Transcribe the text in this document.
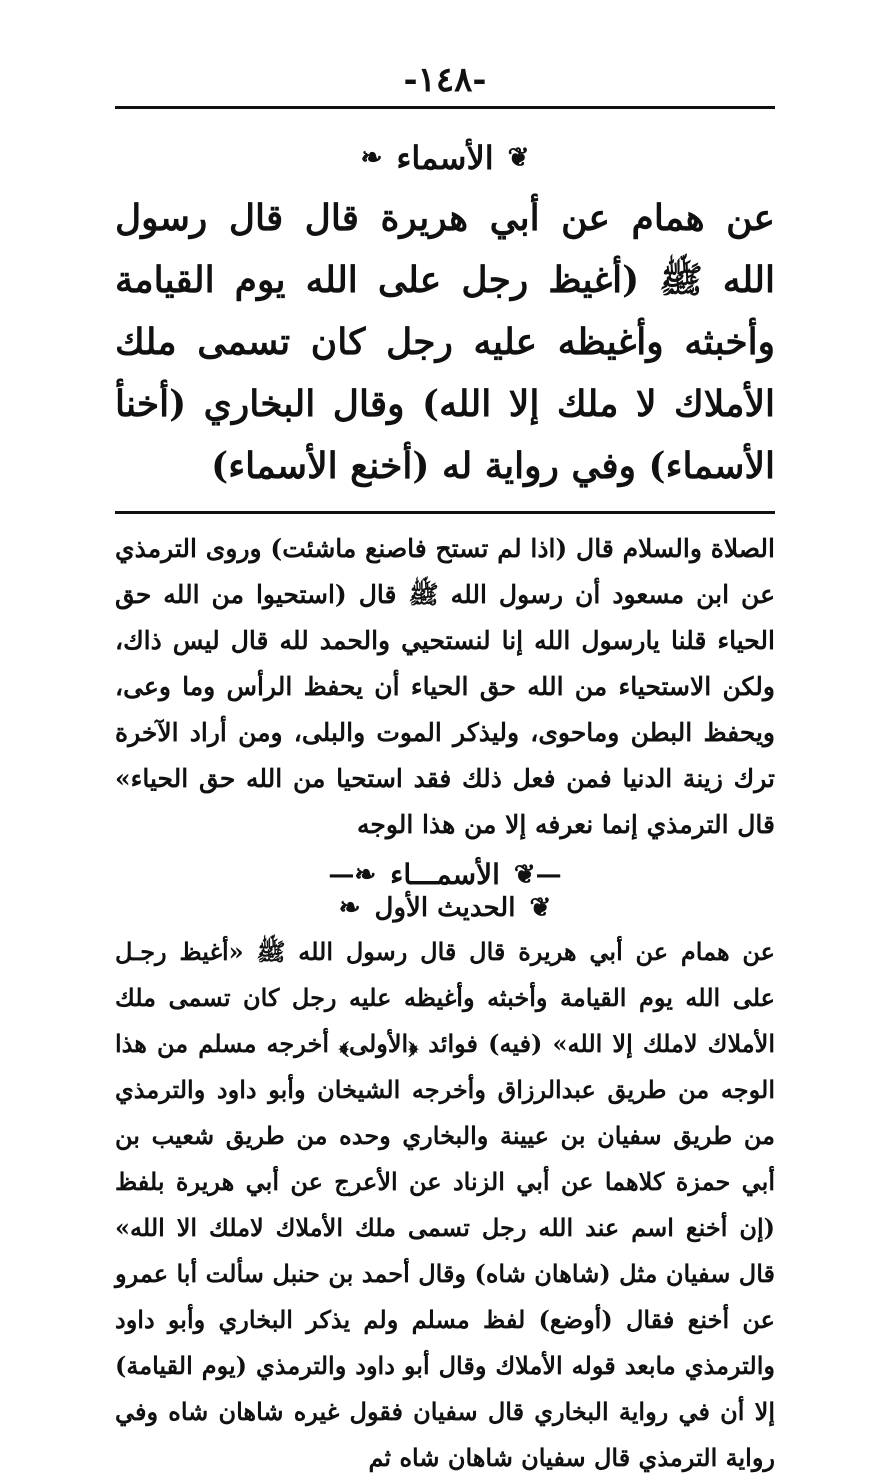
-١٤٨-
❦
الأسماء
❧
عن همام عن أبي هريرة قال قال رسول الله ﷺ (أغيظ رجل على الله يوم القيامة وأخبثه وأغيظه عليه رجل كان تسمى ملك الأملاك لا ملك إلا الله) وقال البخاري (أخنأ الأسماء) وفي رواية له (أخنع الأسماء)
الصلاة والسلام قال (اذا لم تستح فاصنع ماشئت) وروى الترمذي عن ابن مسعود أن رسول الله ﷺ قال (استحيوا من الله حق الحياء قلنا يارسول الله إنا لنستحيي والحمد لله قال ليس ذاك، ولكن الاستحياء من الله حق الحياء أن يحفظ الرأس وما وعى، ويحفظ البطن وماحوى، وليذكر الموت والبلى، ومن أراد الآخرة ترك زينة الدنيا فمن فعل ذلك فقد استحيا من الله حق الحياء» قال الترمذي إنما نعرفه إلا من هذا الوجه
—❦
الأسمـــاء
❧—
❦
الحديث الأول
❧
عن همام عن أبي هريرة قال قال رسول الله ﷺ «أغيظ رجـل على الله يوم القيامة وأخبثه وأغيظه عليه رجل كان تسمى ملك الأملاك لاملك إلا الله» (فيه) فوائد ﴿الأولى﴾ أخرجه مسلم من هذا الوجه من طريق عبدالرزاق وأخرجه الشيخان وأبو داود والترمذي من طريق سفيان بن عيينة والبخاري وحده من طريق شعيب بن أبي حمزة كلاهما عن أبي الزناد عن الأعرج عن أبي هريرة بلفظ (إن أخنع اسم عند الله رجل تسمى ملك الأملاك لاملك الا الله» قال سفيان مثل (شاهان شاه) وقال أحمد بن حنبل سألت أبا عمرو عن أخنع فقال (أوضع) لفظ مسلم ولم يذكر البخاري وأبو داود والترمذي مابعد قوله الأملاك وقال أبو داود والترمذي (يوم القيامة) إلا أن في رواية البخاري قال سفيان فقول غيره شاهان شاه وفي رواية الترمذي قال سفيان شاهان شاه ثم
